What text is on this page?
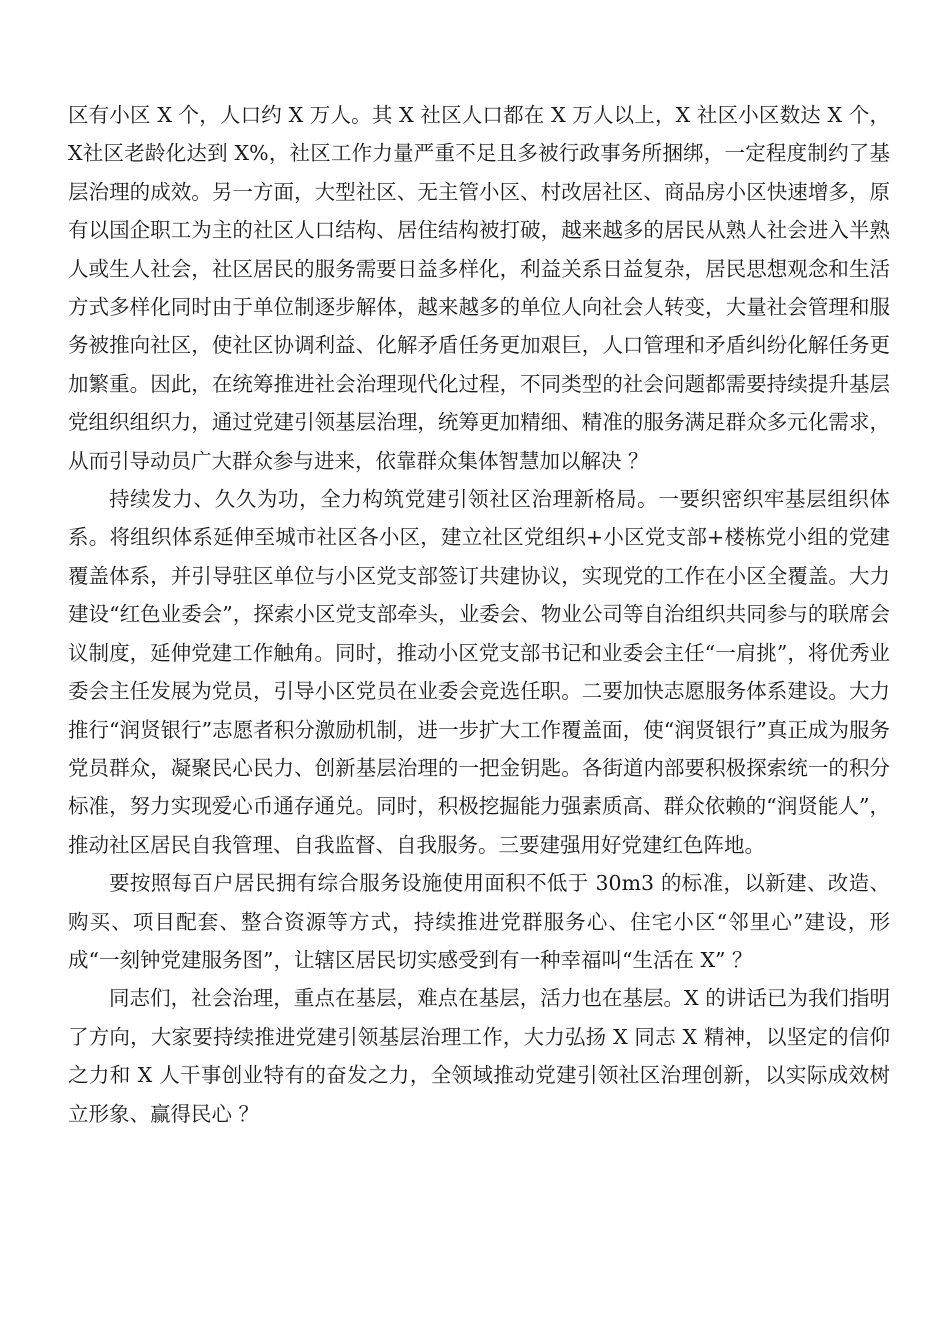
区有小区 X 个，人口约 X 万人。其 X 社区人口都在 X 万人以上，X 社区小区数达 X 个，X社区老龄化达到 X%，社区工作力量严重不足且多被行政事务所捆绑，一定程度制约了基层治理的成效。另一方面，大型社区、无主管小区、村改居社区、商品房小区快速增多，原有以国企职工为主的社区人口结构、居住结构被打破，越来越多的居民从熟人社会进入半熟人或生人社会，社区居民的服务需要日益多样化，利益关系日益复杂，居民思想观念和生活方式多样化同时由于单位制逐步解体，越来越多的单位人向社会人转变，大量社会管理和服务被推向社区，使社区协调利益、化解矛盾任务更加艰巨，人口管理和矛盾纠纷化解任务更加繁重。因此，在统筹推进社会治理现代化过程，不同类型的社会问题都需要持续提升基层党组织组织力，通过党建引领基层治理，统筹更加精细、精准的服务满足群众多元化需求，从而引导动员广大群众参与进来，依靠群众集体智慧加以解决 ？

持续发力、久久为功，全力构筑党建引领社区治理新格局。一要织密织牢基层组织体系。将组织体系延伸至城市社区各小区，建立社区党组织+小区党支部+楼栋党小组的党建覆盖体系，并引导驻区单位与小区党支部签订共建协议，实现党的工作在小区全覆盖。大力建设“红色业委会”，探索小区党支部牵头，业委会、物业公司等自治组织共同参与的联席会议制度，延伸党建工作触角。同时，推动小区党支部书记和业委会主任“一肩挑”，将优秀业委会主任发展为党员，引导小区党员在业委会竞选任职。二要加快志愿服务体系建设。大力推行“润贤银行”志愿者积分激励机制，进一步扩大工作覆盖面，使“润贤银行”真正成为服务党员群众，凝聚民心民力、创新基层治理的一把金钥匙。各街道内部要积极探索统一的积分标准，努力实现爱心币通存通兑。同时，积极挖掘能力强素质高、群众依赖的“润贤能人”，推动社区居民自我管理、自我监督、自我服务。三要建强用好党建红色阵地。

要按照每百户居民拥有综合服务设施使用面积不低于 30m3 的标准，以新建、改造、购买、项目配套、整合资源等方式，持续推进党群服务心、住宅小区“邻里心”建设，形成“一刻钟党建服务图”，让辖区居民切实感受到有一种幸福叫“生活在 X” ？

同志们，社会治理，重点在基层，难点在基层，活力也在基层。X 的讲话已为我们指明了方向，大家要持续推进党建引领基层治理工作，大力弘扬 X 同志 X 精神，以坚定的信仰之力和 X 人干事创业特有的奋发之力，全领域推动党建引领社区治理创新，以实际成效树立形象、赢得民心 ？
